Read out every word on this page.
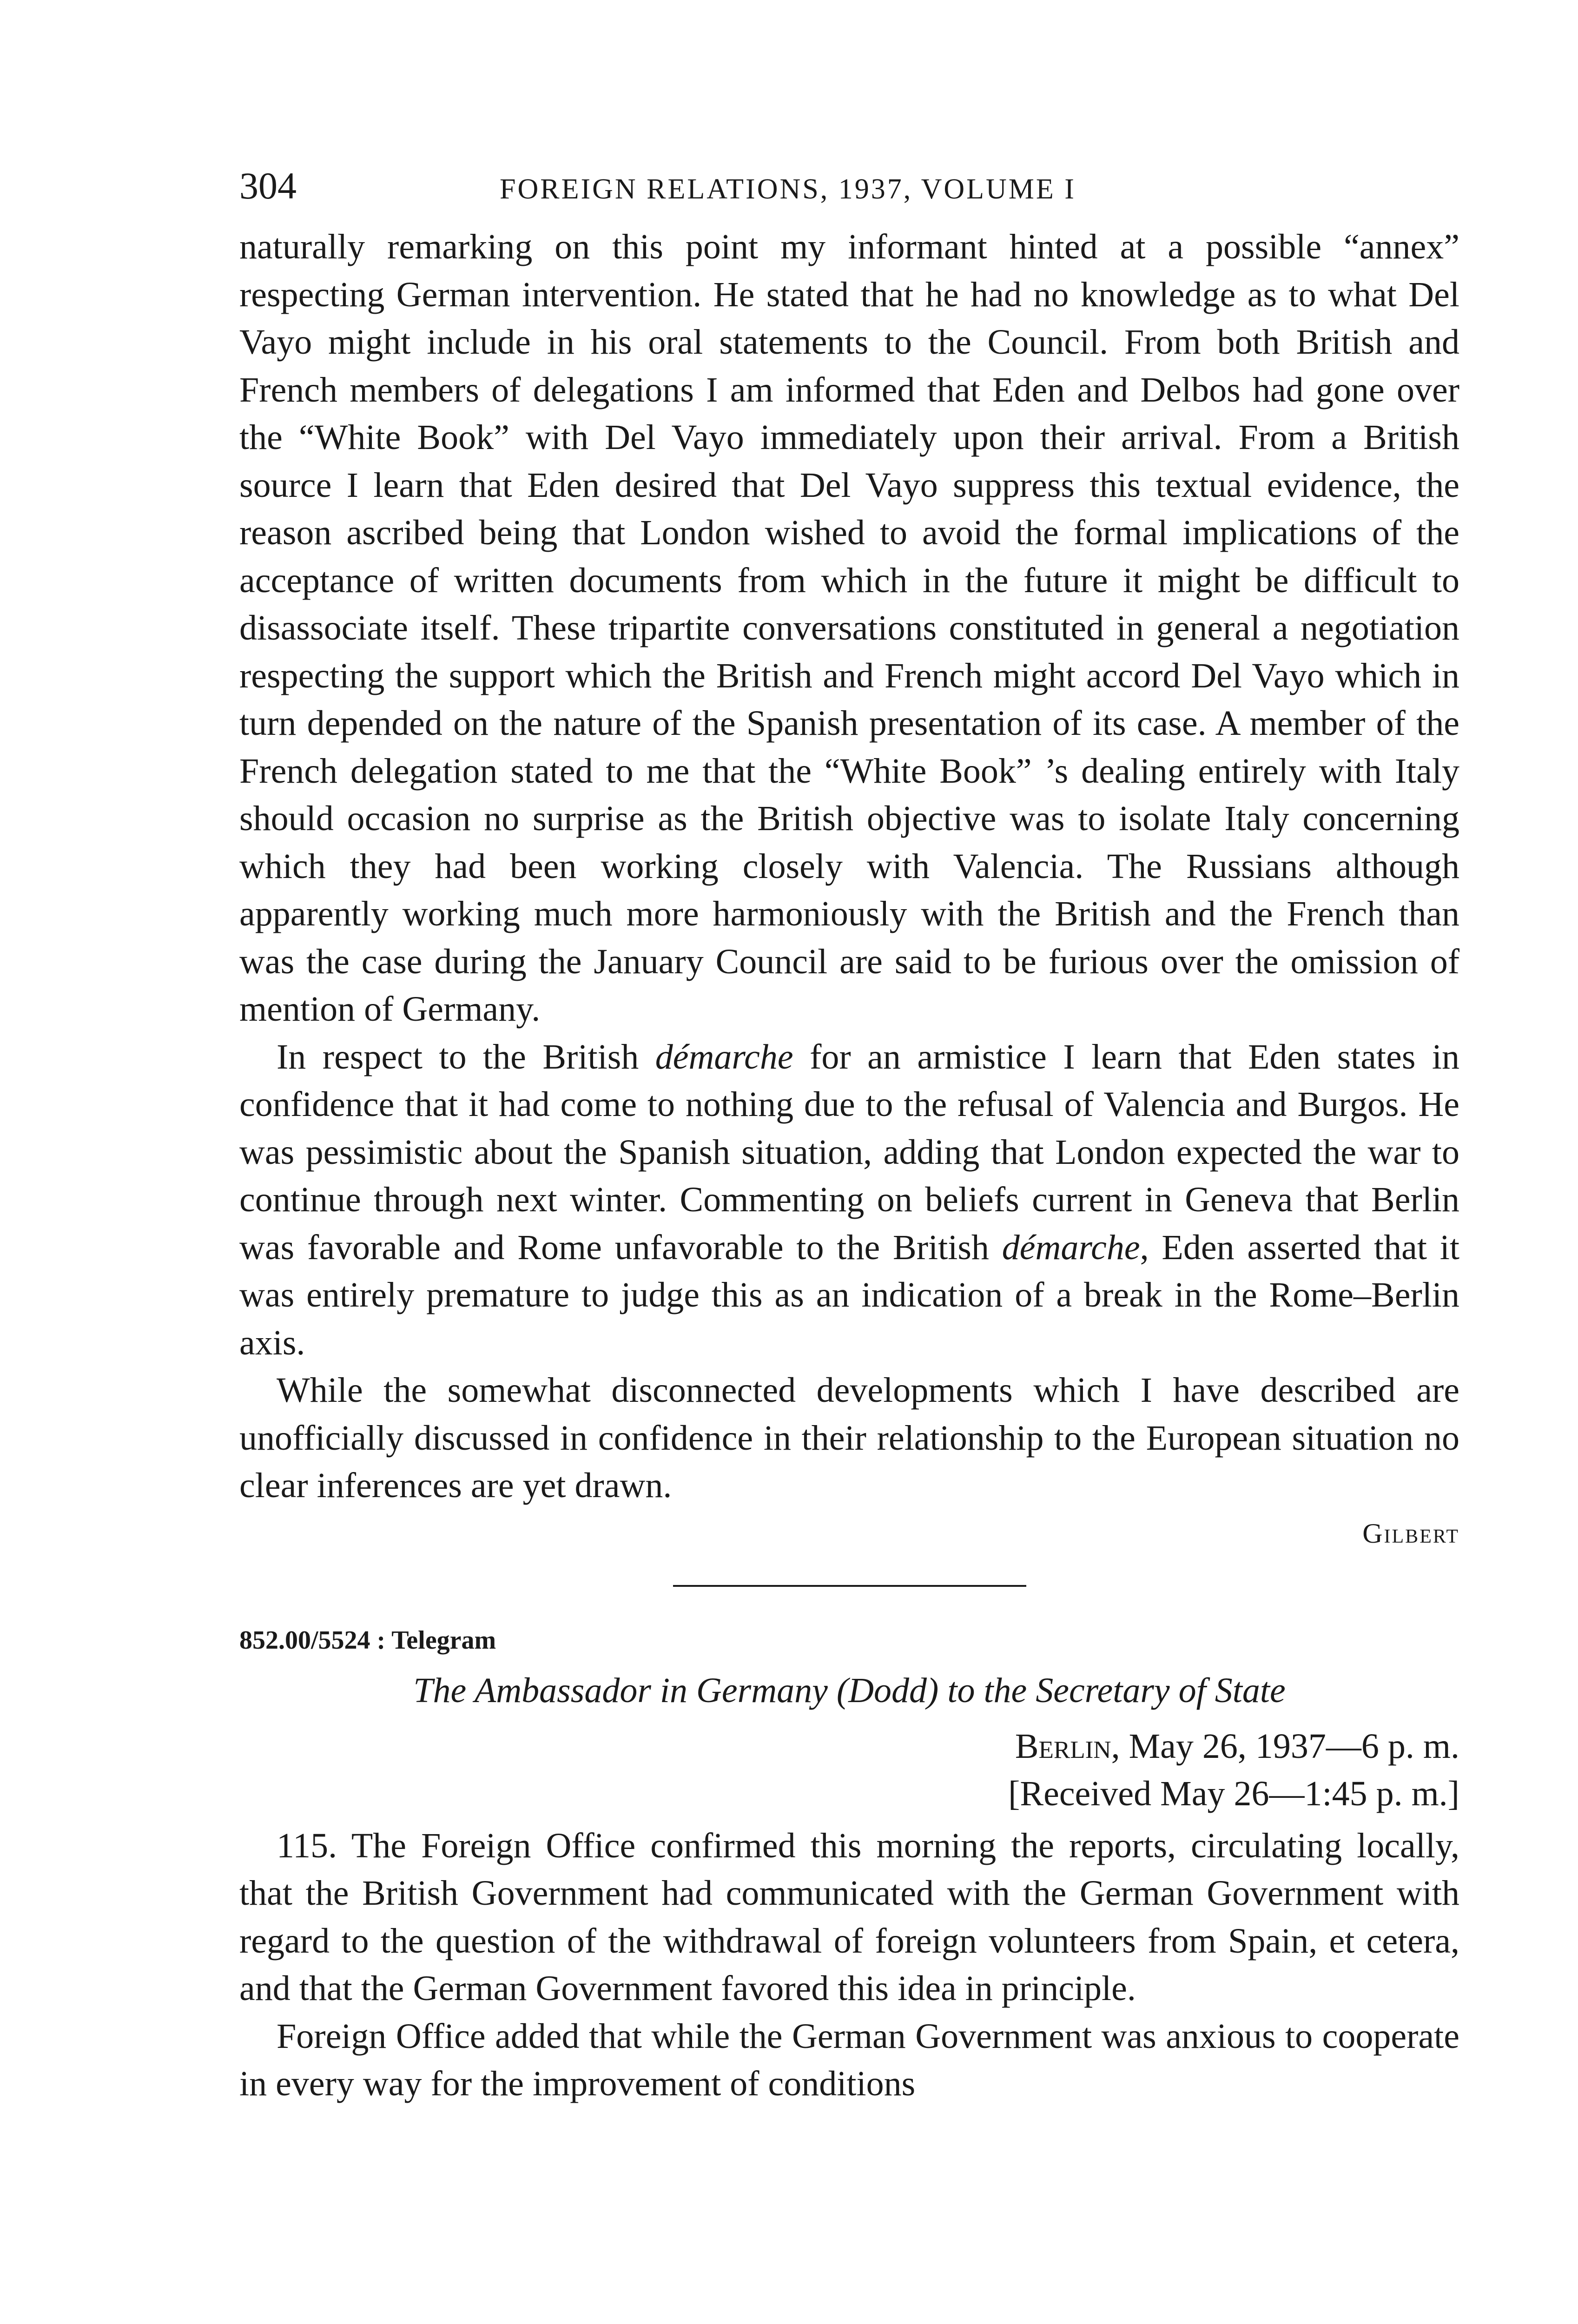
304	FOREIGN RELATIONS, 1937, VOLUME I

naturally remarking on this point my informant hinted at a possible “annex” respecting German intervention. He stated that he had no knowledge as to what Del Vayo might include in his oral statements to the Council. From both British and French members of delegations I am informed that Eden and Delbos had gone over the “White Book” with Del Vayo immediately upon their arrival. From a British source I learn that Eden desired that Del Vayo suppress this textual evidence, the reason ascribed being that London wished to avoid the formal implications of the acceptance of written documents from which in the future it might be difficult to disassociate itself. These tripartite conversations constituted in general a negotiation respecting the support which the British and French might accord Del Vayo which in turn depended on the nature of the Spanish presentation of its case. A member of the French delegation stated to me that the “White Book” ’s dealing entirely with Italy should occasion no surprise as the British objective was to isolate Italy concerning which they had been working closely with Valencia. The Russians although apparently working much more harmoniously with the British and the French than was the case during the January Council are said to be furious over the omission of mention of Germany.

In respect to the British démarche for an armistice I learn that Eden states in confidence that it had come to nothing due to the refusal of Valencia and Burgos. He was pessimistic about the Spanish situation, adding that London expected the war to continue through next winter. Commenting on beliefs current in Geneva that Berlin was favorable and Rome unfavorable to the British démarche, Eden asserted that it was entirely premature to judge this as an indication of a break in the Rome–Berlin axis.

While the somewhat disconnected developments which I have described are unofficially discussed in confidence in their relationship to the European situation no clear inferences are yet drawn.

Gilbert
852.00/5524 : Telegram
The Ambassador in Germany (Dodd) to the Secretary of State
Berlin, May 26, 1937—6 p. m.
[Received May 26—1:45 p. m.]

115. The Foreign Office confirmed this morning the reports, circulating locally, that the British Government had communicated with the German Government with regard to the question of the withdrawal of foreign volunteers from Spain, et cetera, and that the German Government favored this idea in principle.

Foreign Office added that while the German Government was anxious to cooperate in every way for the improvement of conditions
